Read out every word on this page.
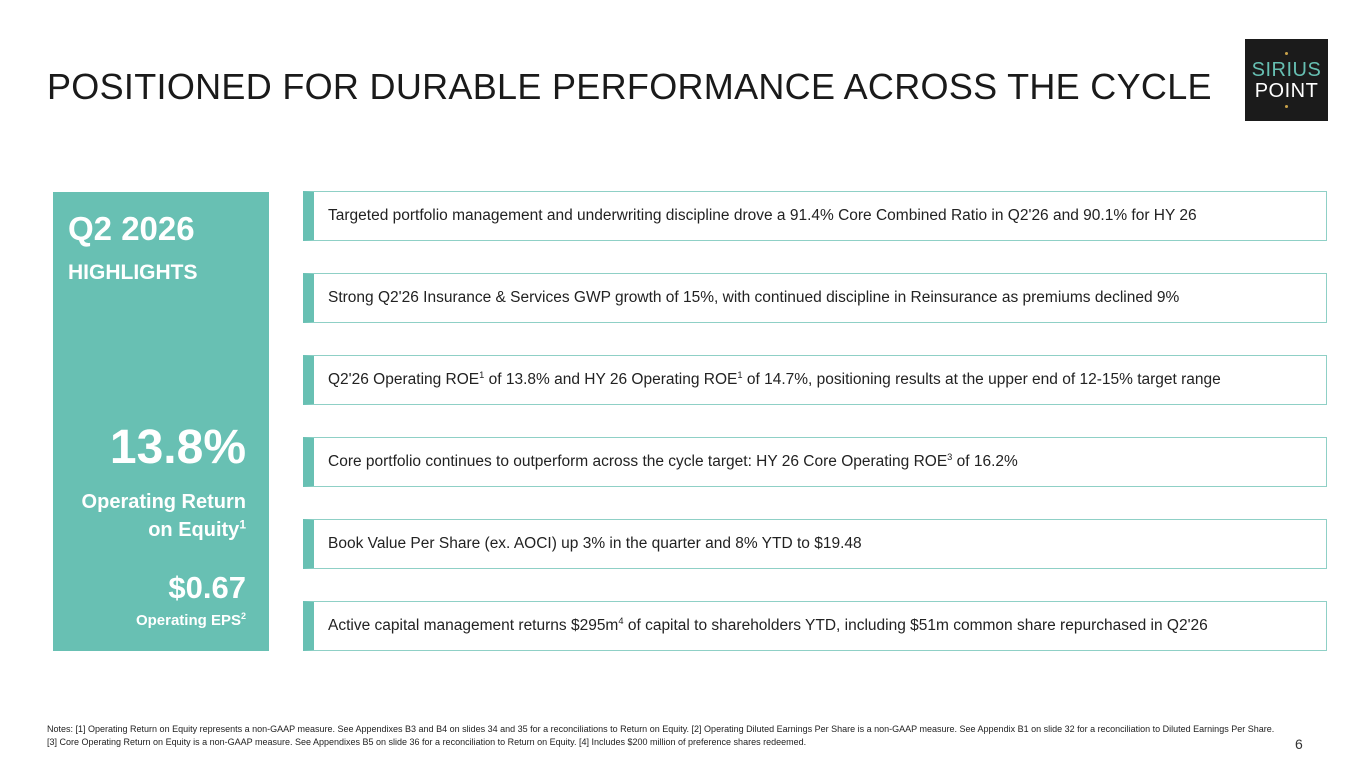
POSITIONED FOR DURABLE PERFORMANCE ACROSS THE CYCLE	SIRIUS
POINT
Q2 2026
HIGHLIGHTS
13.8%
Operating Return
on Equity$^1$
$0.67
Operating EPS$^2$
Targeted portfolio management and underwriting discipline drove a 91.4% Core Combined Ratio in Q2'26 and 90.1% for HY 26
Strong Q2'26 Insurance & Services GWP growth of 15%, with continued discipline in Reinsurance as premiums declined 9%
Q2'26 Operating ROE$^1$ of 13.8% and HY 26 Operating ROE$^1$ of 14.7%, positioning results at the upper end of 12-15% target range
Core portfolio continues to outperform across the cycle target: HY 26 Core Operating ROE$^3$ of 16.2%
Book Value Per Share (ex. AOCI) up 3% in the quarter and 8% YTD to $19.48
Active capital management returns $\$295m^4$ of capital to shareholders YTD, including $51m common share repurchased in Q2'26
Notes: [1] Operating Return on Equity represents a non-GAAP measure. See Appendixes B3 and B4 on slides 34 and 35 for a reconciliations to Return on Equity. [2] Operating Diluted Earnings Per Share is a non-GAAP measure. See Appendix B1 on slide 32 for a reconciliation to Diluted Earnings Per Share. [3] Core Operating Return on Equity is a non-GAAP measure. See Appendixes B5 on slide 36 for a reconciliation to Return on Equity. [4] Includes $200 million of preference shares redeemed.	6
